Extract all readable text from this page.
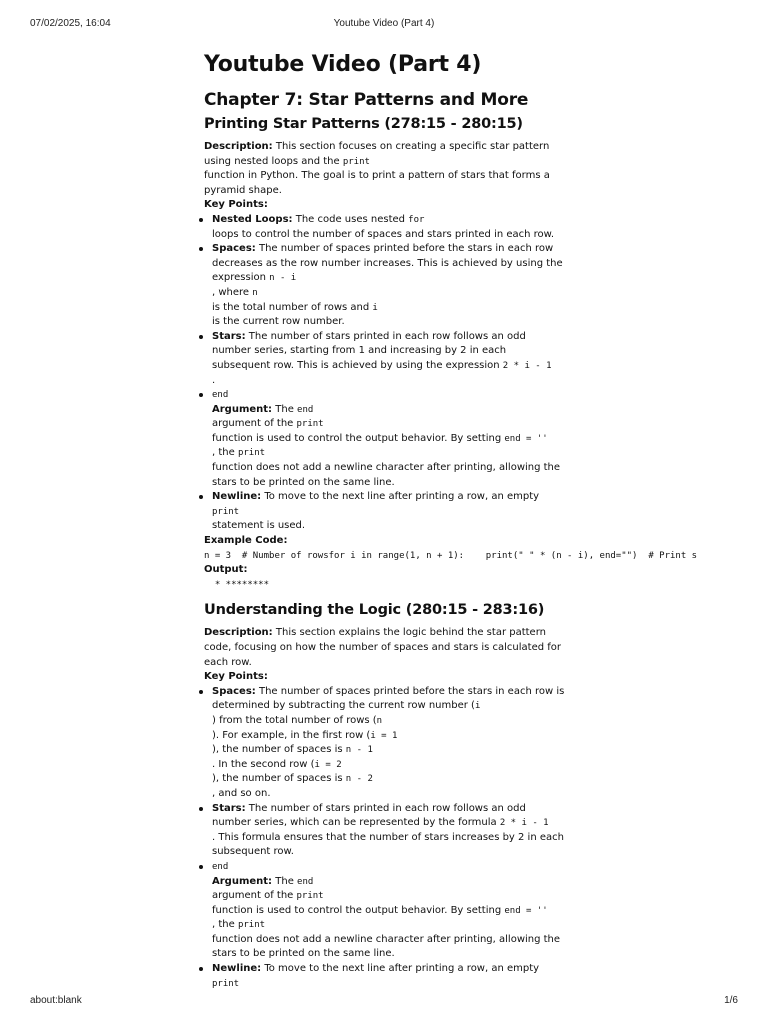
07/02/2025, 16:04	Youtube Video (Part 4)
Youtube Video (Part 4)
Chapter 7: Star Patterns and More
Printing Star Patterns (278:15 - 280:15)

Description: This section focuses on creating a specific star pattern using nested loops and the print

function in Python. The goal is to print a pattern of stars that forms a pyramid shape.

Key Points:

Nested Loops: The code uses nested for
loops to control the number of spaces and stars printed in each row.
Spaces: The number of spaces printed before the stars in each row decreases as the row number increases. This is achieved by using the expression n - i
, where n
is the total number of rows and i
is the current row number.
Stars: The number of stars printed in each row follows an odd number series, starting from 1 and increasing by 2 in each subsequent row. This is achieved by using the expression 2 * i - 1
.
end
Argument: The end
argument of the print
function is used to control the output behavior. By setting end = ''
, the print
function does not add a newline character after printing, allowing the stars to be printed on the same line.
Newline: To move to the next line after printing a row, an empty print
statement is used.

Example Code:

n = 3  # Number of rowsfor i in range(1, n + 1):    print(" " * (n - i), end="")  # Print s

Output:

* ********
Understanding the Logic (280:15 - 283:16)

Description: This section explains the logic behind the star pattern code, focusing on how the number of spaces and stars is calculated for each row.

Key Points:

Spaces: The number of spaces printed before the stars in each row is determined by subtracting the current row number (i
) from the total number of rows (n
). For example, in the first row (i = 1
), the number of spaces is n - 1
. In the second row (i = 2
), the number of spaces is n - 2
, and so on.
Stars: The number of stars printed in each row follows an odd number series, which can be represented by the formula 2 * i - 1
. This formula ensures that the number of stars increases by 2 in each subsequent row.
end
Argument: The end
argument of the print
function is used to control the output behavior. By setting end = ''
, the print
function does not add a newline character after printing, allowing the stars to be printed on the same line.
Newline: To move to the next line after printing a row, an empty print
about:blank	1/6
